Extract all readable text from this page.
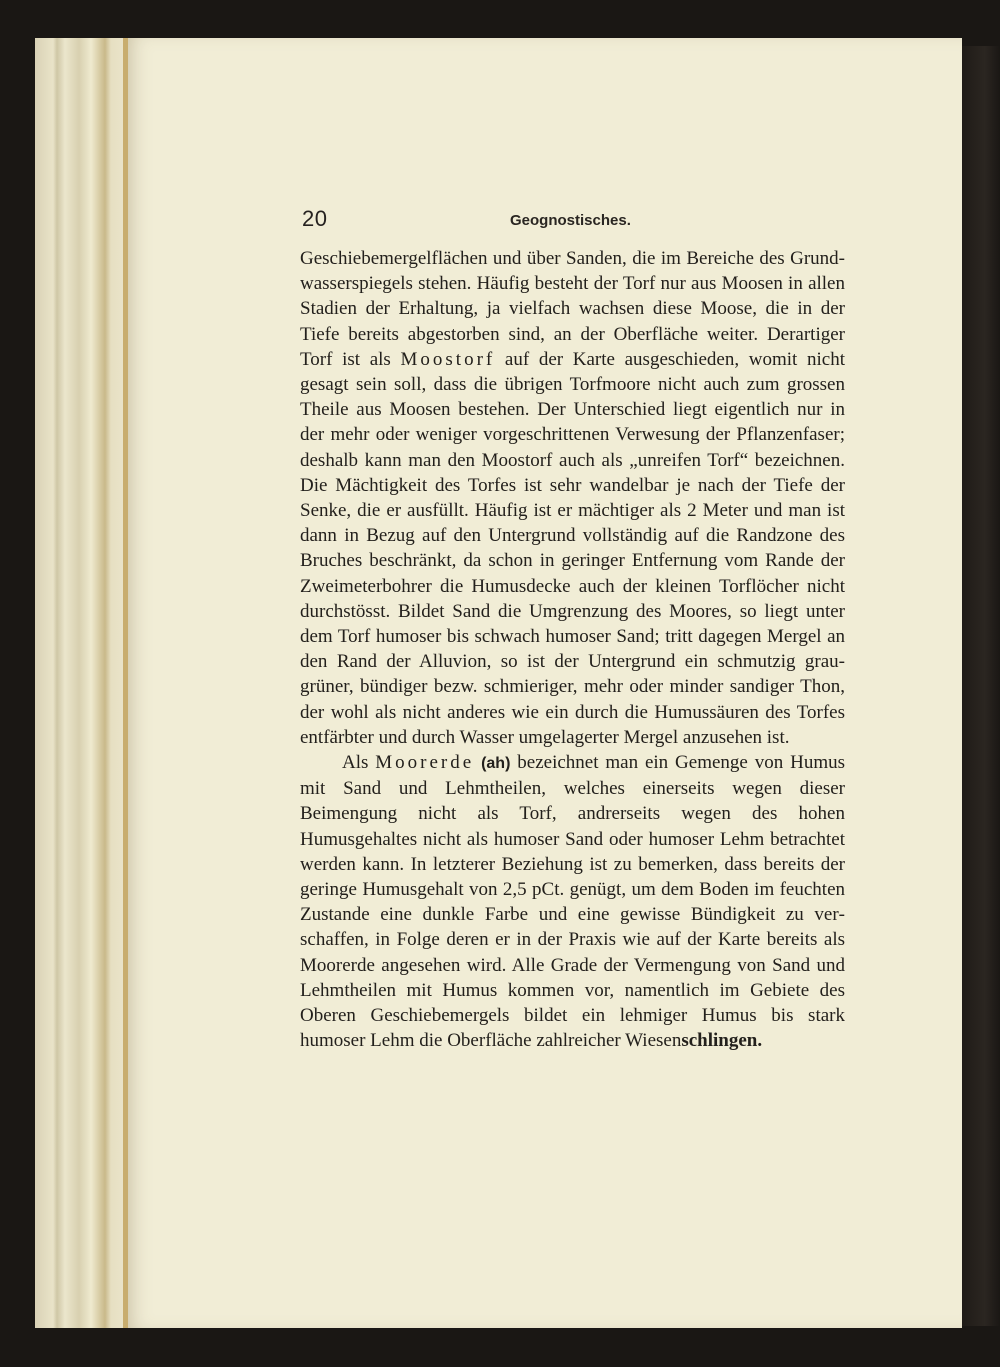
20	Geognostisches.

Geschiebemergelflächen und über Sanden, die im Bereiche des Grundwasserspiegels stehen. Häufig besteht der Torf nur aus Moosen in allen Stadien der Erhaltung, ja vielfach wachsen diese Moose, die in der Tiefe bereits abgestorben sind, an der Oberfläche weiter. Derartiger Torf ist als Moostorf auf der Karte ausgeschieden, womit nicht gesagt sein soll, dass die übrigen Torfmoore nicht auch zum grossen Theile aus Moosen bestehen. Der Unterschied liegt eigentlich nur in der mehr oder weniger vorgeschrittenen Verwesung der Pflanzenfaser; deshalb kann man den Moostorf auch als „unreifen Torf“ bezeichnen. Die Mächtigkeit des Torfes ist sehr wandelbar je nach der Tiefe der Senke, die er ausfüllt. Häufig ist er mächtiger als 2 Meter und man ist dann in Bezug auf den Untergrund vollständig auf die Randzone des Bruches beschränkt, da schon in geringer Entfernung vom Rande der Zweimeterbohrer die Humusdecke auch der kleinen Torflöcher nicht durchstösst. Bildet Sand die Umgrenzung des Moores, so liegt unter dem Torf humoser bis schwach humoser Sand; tritt dagegen Mergel an den Rand der Alluvion, so ist der Untergrund ein schmutzig graugrüner, bündiger bezw. schmieriger, mehr oder minder sandiger Thon, der wohl als nicht anderes wie ein durch die Humussäuren des Torfes entfärbter und durch Wasser umgelagerter Mergel anzusehen ist.

Als Moorerde (ah) bezeichnet man ein Gemenge von Humus mit Sand und Lehmtheilen, welches einerseits wegen dieser Beimengung nicht als Torf, andrerseits wegen des hohen Humusgehaltes nicht als humoser Sand oder humoser Lehm betrachtet werden kann. In letzterer Beziehung ist zu bemerken, dass bereits der geringe Humusgehalt von 2,5 pCt. genügt, um dem Boden im feuchten Zustande eine dunkle Farbe und eine gewisse Bündigkeit zu verschaffen, in Folge deren er in der Praxis wie auf der Karte bereits als Moorerde angesehen wird. Alle Grade der Vermengung von Sand und Lehmtheilen mit Humus kommen vor, namentlich im Gebiete des Oberen Geschiebemergels bildet ein lehmiger Humus bis stark humoser Lehm die Oberfläche zahlreicher Wiesenschlingen.
